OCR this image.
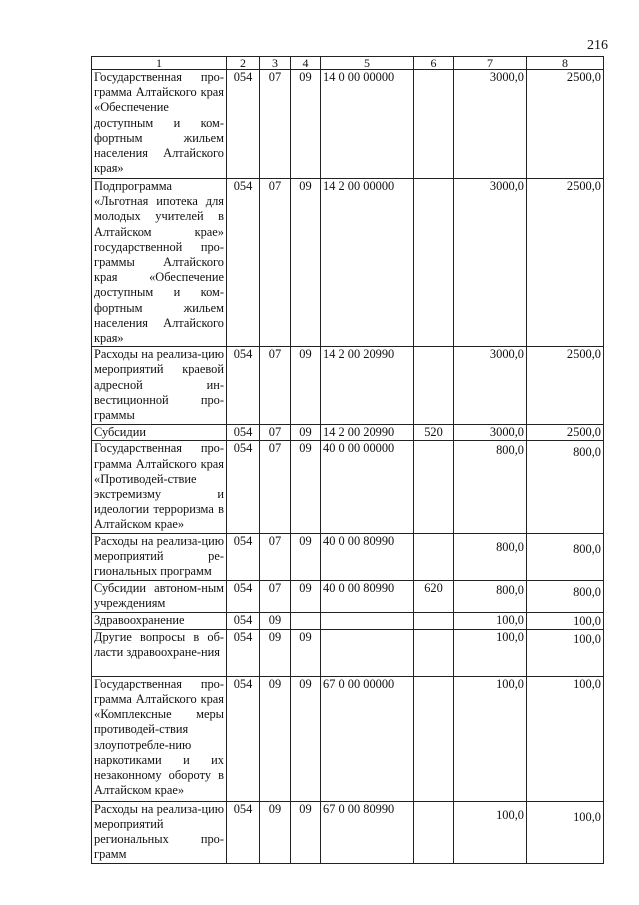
216
1	2	3	4	5	6	7	8
Государственная про-грамма Алтайского края «Обеспечение доступным и ком-фортным жильем населения Алтайского края»	054	07	09	14 0 00 00000		3000,0	2500,0
Подпрограмма «Льготная ипотека для молодых учителей в Алтайском крае» государственной про-граммы Алтайского края «Обеспечение доступным и ком-фортным жильем населения Алтайского края»	054	07	09	14 2 00 00000		3000,0	2500,0
Расходы на реализа-цию мероприятий краевой адресной ин-вестиционной про-граммы	054	07	09	14 2 00 20990		3000,0	2500,0
Субсидии	054	07	09	14 2 00 20990	520	3000,0	2500,0
Государственная про-грамма Алтайского края «Противодей-ствие экстремизму и идеологии терроризма в Алтайском крае»	054	07	09	40 0 00 00000		800,0	800,0
Расходы на реализа-цию мероприятий ре-гиональных программ	054	07	09	40 0 00 80990		800,0	800,0
Субсидии автоном-ным учреждениям	054	07	09	40 0 00 80990	620	800,0	800,0
Здравоохранение	054	09				100,0	100,0
Другие вопросы в об-ласти здравоохране-ния	054	09	09			100,0	100,0
Государственная про-грамма Алтайского края «Комплексные меры противодей-ствия злоупотребле-нию наркотиками и их незаконному обороту в Алтайском крае»	054	09	09	67 0 00 00000		100,0	100,0
Расходы на реализа-цию мероприятий региональных про-грамм	054	09	09	67 0 00 80990		100,0	100,0
